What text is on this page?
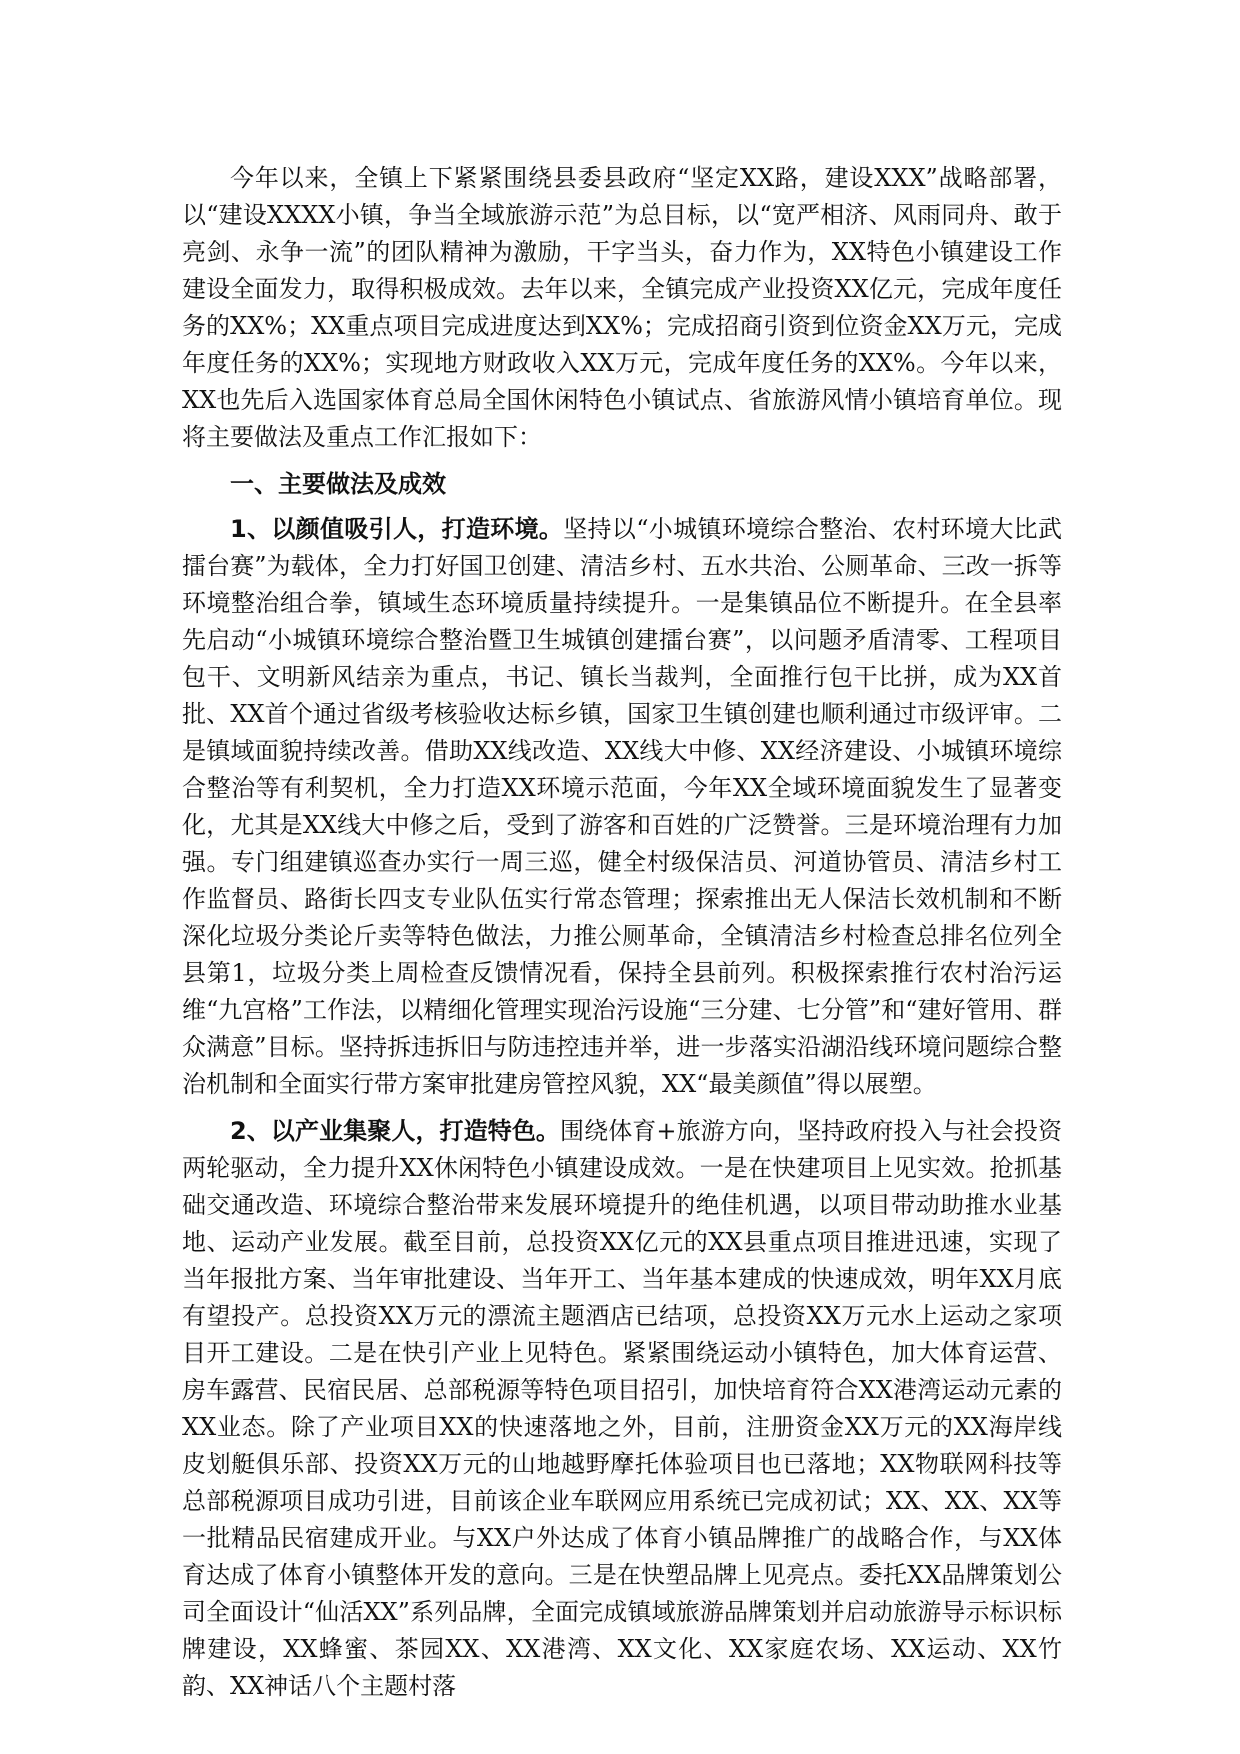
今年以来，全镇上下紧紧围绕县委县政府“坚定XX路，建设XXX”战略部署，以“建设XXXX小镇，争当全域旅游示范”为总目标，以“宽严相济、风雨同舟、敢于亮剑、永争一流”的团队精神为激励，干字当头，奋力作为，XX特色小镇建设工作建设全面发力，取得积极成效。去年以来，全镇完成产业投资XX亿元，完成年度任务的XX%；XX重点项目完成进度达到XX%；完成招商引资到位资金XX万元，完成年度任务的XX%；实现地方财政收入XX万元，完成年度任务的XX%。今年以来，XX也先后入选国家体育总局全国休闲特色小镇试点、省旅游风情小镇培育单位。现将主要做法及重点工作汇报如下：

一、主要做法及成效

1、以颜值吸引人，打造环境。坚持以“小城镇环境综合整治、农村环境大比武擂台赛”为载体，全力打好国卫创建、清洁乡村、五水共治、公厕革命、三改一拆等环境整治组合拳，镇域生态环境质量持续提升。一是集镇品位不断提升。在全县率先启动“小城镇环境综合整治暨卫生城镇创建擂台赛”，以问题矛盾清零、工程项目包干、文明新风结亲为重点，书记、镇长当裁判，全面推行包干比拼，成为XX首批、XX首个通过省级考核验收达标乡镇，国家卫生镇创建也顺利通过市级评审。二是镇域面貌持续改善。借助XX线改造、XX线大中修、XX经济建设、小城镇环境综合整治等有利契机，全力打造XX环境示范面，今年XX全域环境面貌发生了显著变化，尤其是XX线大中修之后，受到了游客和百姓的广泛赞誉。三是环境治理有力加强。专门组建镇巡查办实行一周三巡，健全村级保洁员、河道协管员、清洁乡村工作监督员、路街长四支专业队伍实行常态管理；探索推出无人保洁长效机制和不断深化垃圾分类论斤卖等特色做法，力推公厕革命，全镇清洁乡村检查总排名位列全县第1，垃圾分类上周检查反馈情况看，保持全县前列。积极探索推行农村治污运维“九宫格”工作法，以精细化管理实现治污设施“三分建、七分管”和“建好管用、群众满意”目标。坚持拆违拆旧与防违控违并举，进一步落实沿湖沿线环境问题综合整治机制和全面实行带方案审批建房管控风貌，XX“最美颜值”得以展塑。

2、以产业集聚人，打造特色。围绕体育+旅游方向，坚持政府投入与社会投资两轮驱动，全力提升XX休闲特色小镇建设成效。一是在快建项目上见实效。抢抓基础交通改造、环境综合整治带来发展环境提升的绝佳机遇，以项目带动助推水业基地、运动产业发展。截至目前，总投资XX亿元的XX县重点项目推进迅速，实现了当年报批方案、当年审批建设、当年开工、当年基本建成的快速成效，明年XX月底有望投产。总投资XX万元的漂流主题酒店已结项，总投资XX万元水上运动之家项目开工建设。二是在快引产业上见特色。紧紧围绕运动小镇特色，加大体育运营、房车露营、民宿民居、总部税源等特色项目招引，加快培育符合XX港湾运动元素的XX业态。除了产业项目XX的快速落地之外，目前，注册资金XX万元的XX海岸线皮划艇俱乐部、投资XX万元的山地越野摩托体验项目也已落地；XX物联网科技等总部税源项目成功引进，目前该企业车联网应用系统已完成初试；XX、XX、XX等一批精品民宿建成开业。与XX户外达成了体育小镇品牌推广的战略合作，与XX体育达成了体育小镇整体开发的意向。三是在快塑品牌上见亮点。委托XX品牌策划公司全面设计“仙活XX”系列品牌，全面完成镇域旅游品牌策划并启动旅游导示标识标牌建设，XX蜂蜜、茶园XX、XX港湾、XX文化、XX家庭农场、XX运动、XX竹韵、XX神话八个主题村落
